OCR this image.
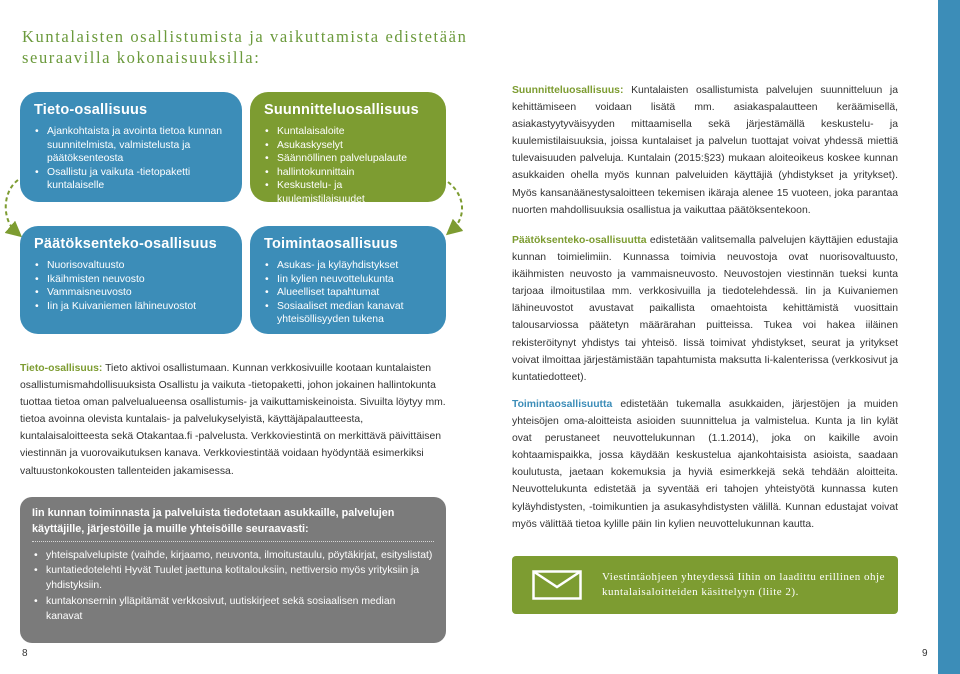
Kuntalaisten osallistumista ja vaikuttamista edistetään seuraavilla kokonaisuuksilla:
Tieto-osallisuus
• Ajankohtaista ja avointa tietoa kunnan suunnitelmista, valmistelusta ja päätöksenteosta
• Osallistu ja vaikuta -tietopaketti kuntalaiselle
Suunnitteluosallisuus
• Kuntalaisaloite
• Asukaskyselyt
• Säännöllinen palvelupalaute
• hallintokunnittain
• Keskustelu- ja kuulemistilaisuudet
Päätöksenteko-osallisuus
• Nuorisovaltuusto
• Ikäihmisten neuvosto
• Vammaisneuvosto
• Iin ja Kuivaniemen lähineuvostot
Toimintaosallisuus
• Asukas- ja kyläyhdistykset
• Iin kylien neuvottelukunta
• Alueelliset tapahtumat
• Sosiaaliset median kanavat yhteisöllisyyden tukena
Tieto-osallisuus: Tieto aktivoi osallistumaan. Kunnan verkkosivuille kootaan kuntalaisten osallistumismahdollisuuksista Osallistu ja vaikuta -tietopaketti, johon jokainen hallintokunta tuottaa tietoa oman palvelualueensa osallistumis- ja vaikuttamiskeinoista. Sivuilta löytyy mm. tietoa avoinna olevista kuntalais- ja palvelukyselyistä, käyttäjäpalautteesta, kuntalaisaloitteesta sekä Otakantaa.fi -palvelusta. Verkkoviestintä on merkittävä päivittäisen viestinnän ja vuorovaikutuksen kanava. Verkkoviestintää voidaan hyödyntää esimerkiksi valtuustonkokousten tallenteiden jakamisessa.
Suunnitteluosallisuus: Kuntalaisten osallistumista palvelujen suunnitteluun ja kehittämiseen voidaan lisätä mm. asiakaspalautteen keräämisellä, asiakastyytyväisyyden mittaamisella sekä järjestämällä keskustelu- ja kuulemistilaisuuksia, joissa kuntalaiset ja palvelun tuottajat voivat yhdessä miettiä tulevaisuuden palveluja. Kuntalain (2015:§23) mukaan aloiteoikeus koskee kunnan asukkaiden ohella myös kunnan palveluiden käyttäjiä (yhdistykset ja yritykset). Myös kansanäänestysaloitteen tekemisen ikäraja alenee 15 vuoteen, joka parantaa nuorten mahdollisuuksia osallistua ja vaikuttaa päätöksentekoon.
Päätöksenteko-osallisuutta edistetään valitsemalla palvelujen käyttäjien edustajia kunnan toimielimiin. Kunnassa toimivia neuvostoja ovat nuorisovaltuusto, ikäihmisten neuvosto ja vammaisneuvosto. Neuvostojen viestinnän tueksi kunta tarjoaa ilmoitustilaa mm. verkkosivuilla ja tiedotelehdessä. Iin ja Kuivaniemen lähineuvostot avustavat paikallista omaehtoista kehittämistä vuosittain talousarviossa päätetyn määrärahan puitteissa. Tukea voi hakea iiläinen rekisteröitynyt yhdistys tai yhteisö. Iissä toimivat yhdistykset, seurat ja yritykset voivat ilmoittaa järjestämistään tapahtumista maksutta Ii-kalenterissa (verkkosivut ja kuntatiedotteet).
Toimintaosallisuutta edistetään tukemalla asukkaiden, järjestöjen ja muiden yhteisöjen oma-aloitteista asioiden suunnittelua ja valmistelua. Kunta ja Iin kylät ovat perustaneet neuvottelukunnan (1.1.2014), joka on kaikille avoin kohtaamispaikka, jossa käydään keskustelua ajankohtaisista asioista, saadaan koulutusta, jaetaan kokemuksia ja hyviä esimerkkejä sekä tehdään aloitteita. Neuvottelukunta edistetää ja syventää eri tahojen yhteistyötä kunnassa kuten kyläyhdistysten, -toimikuntien ja asukasyhdistysten välillä. Kunnan edustajat voivat myös välittää tietoa kylille päin Iin kylien neuvottelukunnan kautta.
Iin kunnan toiminnasta ja palveluista tiedotetaan asukkaille, palvelujen käyttäjille, järjestöille ja muille yhteisöille seuraavasti:
• yhteispalvelupiste (vaihde, kirjaamo, neuvonta, ilmoitustaulu, pöytäkirjat, esityslistat)
• kuntatiedotelehti Hyvät Tuulet jaettuna kotitalouksiin, nettiversio myös yrityksiin ja yhdistyksiin.
• kuntakonsernin ylläpitämät verkkosivut, uutiskirjeet sekä sosiaalisen median kanavat
Viestintäohjeen yhteydessä Iihin on laadittu erillinen ohje kuntalaisaloitteiden käsittelyyn (liite 2).
8	9
